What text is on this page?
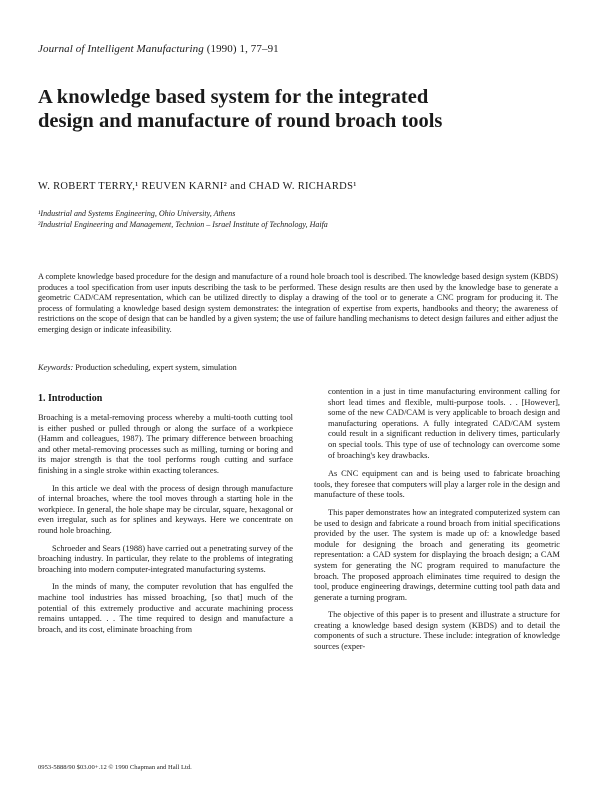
Journal of Intelligent Manufacturing (1990) 1, 77–91
A knowledge based system for the integrated design and manufacture of round broach tools
W. ROBERT TERRY,¹ REUVEN KARNI² and CHAD W. RICHARDS¹
¹Industrial and Systems Engineering, Ohio University, Athens
²Industrial Engineering and Management, Technion – Israel Institute of Technology, Haifa
A complete knowledge based procedure for the design and manufacture of a round hole broach tool is described. The knowledge based design system (KBDS) produces a tool specification from user inputs describing the task to be performed. These design results are then used by the knowledge base to generate a geometric CAD/CAM representation, which can be utilized directly to display a drawing of the tool or to generate a CNC program for producing it. The process of formulating a knowledge based design system demonstrates: the integration of expertise from experts, handbooks and theory; the awareness of restrictions on the scope of design that can be handled by a given system; the use of failure handling mechanisms to detect design failures and either adjust the emerging design or indicate infeasibility.
Keywords: Production scheduling, expert system, simulation
1. Introduction

Broaching is a metal-removing process whereby a multi-tooth cutting tool is either pushed or pulled through or along the surface of a workpiece (Hamm and colleagues, 1987). The primary difference between broaching and other metal-removing processes such as milling, turning or boring and its major strength is that the tool performs rough cutting and surface finishing in a single stroke within exacting tolerances.

In this article we deal with the process of design through manufacture of internal broaches, where the tool moves through a starting hole in the workpiece. In general, the hole shape may be circular, square, hexagonal or even irregular, such as for splines and keyways. Here we concentrate on round hole broaching.

Schroeder and Sears (1988) have carried out a penetrating survey of the broaching industry. In particular, they relate to the problems of integrating broaching into modern computer-integrated manufacturing systems.

In the minds of many, the computer revolution that has engulfed the machine tool industries has missed broaching, [so that] much of the potential of this extremely productive and accurate machining process remains untapped. . . The time required to design and manufacture a broach, and its cost, eliminate broaching from

contention in a just in time manufacturing environment calling for short lead times and flexible, multi-purpose tools. . . [However], some of the new CAD/CAM is very applicable to broach design and manufacturing operations. A fully integrated CAD/CAM system could result in a significant reduction in delivery times, particularly on special tools. This type of use of technology can overcome some of broaching's key drawbacks.

As CNC equipment can and is being used to fabricate broaching tools, they foresee that computers will play a larger role in the design and manufacture of these tools.

This paper demonstrates how an integrated computerized system can be used to design and fabricate a round broach from initial specifications provided by the user. The system is made up of: a knowledge based module for designing the broach and generating its geometric representation: a CAD system for displaying the broach design; a CAM system for generating the NC program required to manufacture the broach. The proposed approach eliminates time required to design the tool, produce engineering drawings, determine cutting tool path data and generate a turning program.

The objective of this paper is to present and illustrate a structure for creating a knowledge based design system (KBDS) and to detail the components of such a structure. These include: integration of knowledge sources (exper-

0953-5888/90 $03.00+.12 © 1990 Chapman and Hall Ltd.
